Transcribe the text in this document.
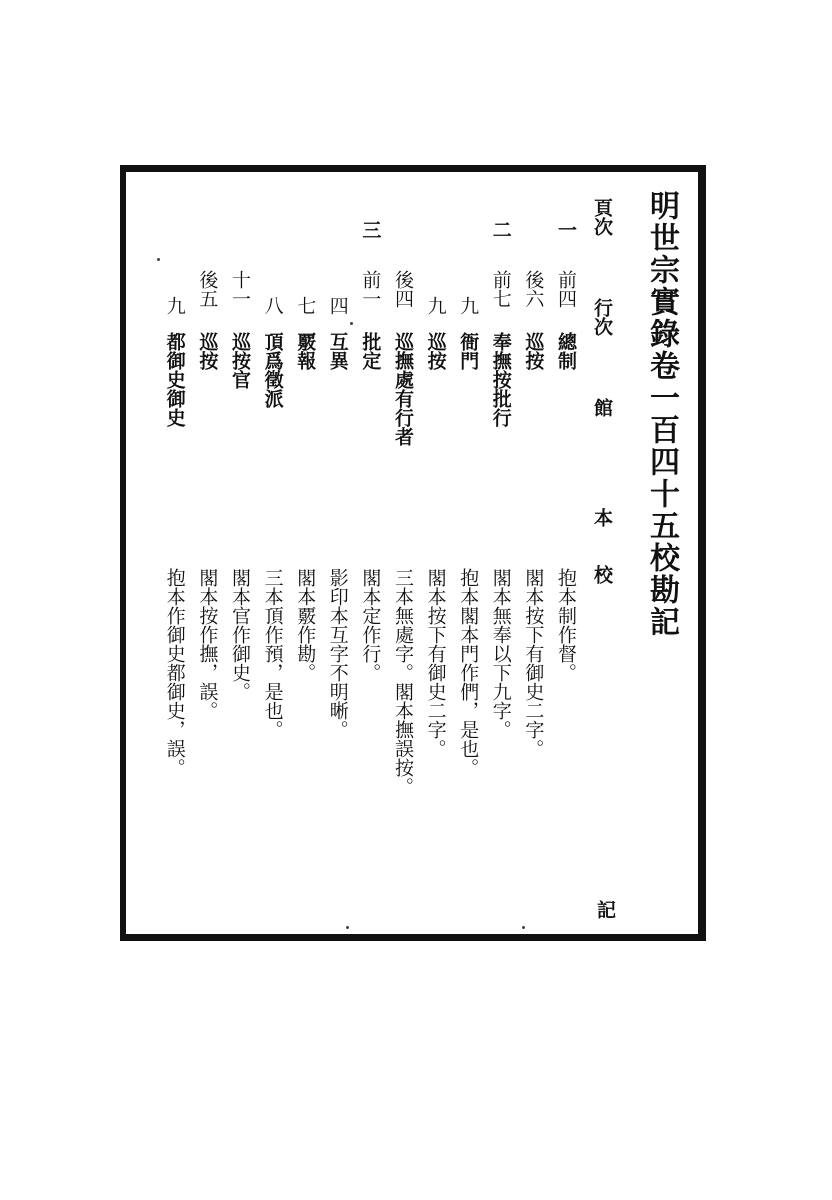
明世宗實錄卷一百四十五校勘記
頁次  行次  館
本
校
記
一
前四
總制
抱本制作督。
後六
巡按
閣本按下有御史二字。
二
前七
奉撫按批行
閣本無奉以下九字。
九
衙門
抱本閣本門作們，是也。
九
巡按
閣本按下有御史二字。
後四
巡撫處有行者
三本無處字。閣本撫誤按。
三
前一
批定
閣本定作行。
四
互異
影印本互字不明晰。
七
覈報
閣本覈作勘。
八
頂爲徵派
三本頂作預，是也。
十一
巡按官
閣本官作御史。
後五
巡按
閣本按作撫，誤。
九
都御史御史
抱本作御史都御史，誤。
